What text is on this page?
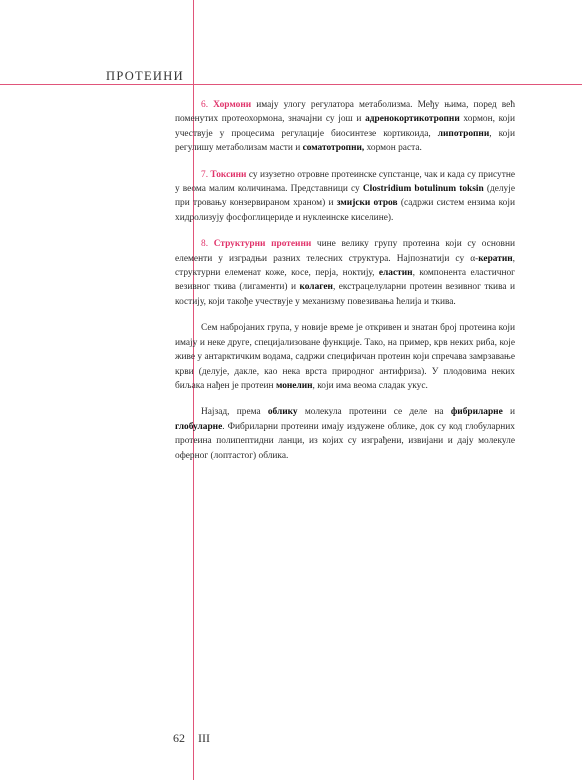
ПРОТЕИНИ

6. Хормони имају улогу регулатора метаболизма. Међу њима, поред већ поменутих протеохормона, значајни су још и адренокортикотропни хормон, који учествује у процесима регулације биосинтезе кортикоида, липотропни, који регулишу метаболизам масти и соматотропни, хормон раста.

7. Токсини су изузетно отровне протеинске супстанце, чак и када су присутне у веома малим количинама. Представници су Clostridium botulinum toksin (делује при тровању конзервираном храном) и змијски отров (садржи систем ензима који хидролизују фосфоглицериде и нуклеинске киселине).

8. Структурни протеини чине велику групу протеина који су основни елементи у изградњи разних телесних структура. Најпознатији су α-кератин, структурни елеменат коже, косе, перја, ноктију, еластин, компонента еластичног везивног ткива (лигаменти) и колаген, екстрацелуларни протеин везивног ткива и костију, који такође учествује у механизму повезивања ћелија и ткива.

Сем набројаних група, у новије време је откривен и знатан број протеина који имају и неке друге, специјализоване функције. Тако, на пример, крв неких риба, које живе у антарктичким водама, садржи специфичан протеин који спречава замрзавање крви (делује, дакле, као нека врста природног антифриза). У плодовима неких биљака нађен је протеин монелин, који има веома сладак укус.

Најзад, према облику молекула протеини се деле на фибриларне и глобуларне. Фибриларни протеини имају издужене облике, док су код глобуларних протеина полипептидни ланци, из којих су изграђени, извијани и дају молекуле оферног (лоптастог) облика.

62 III
